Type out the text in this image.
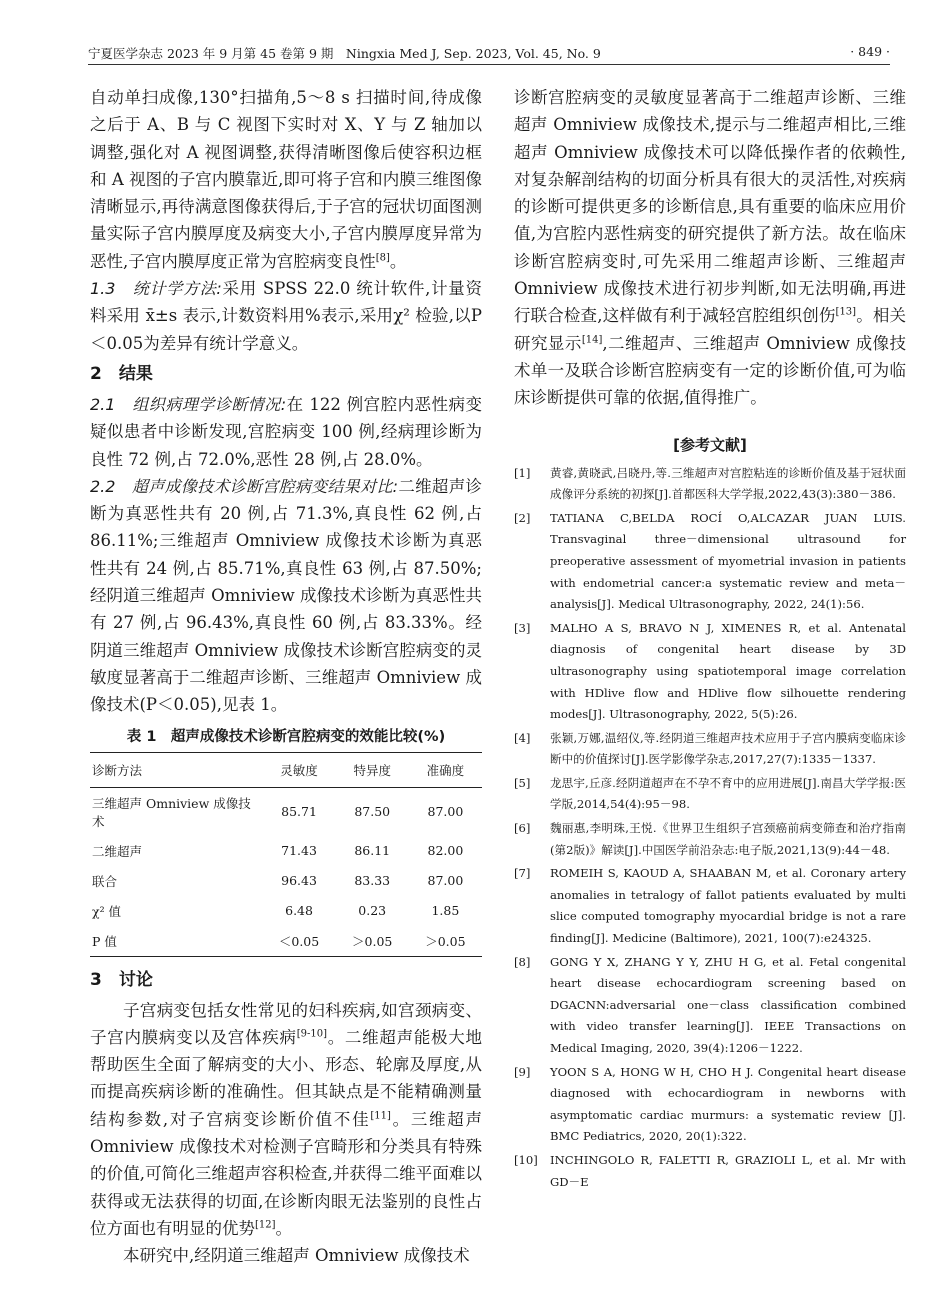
宁夏医学杂志 2023 年 9 月第 45 卷第 9 期　Ningxia Med J, Sep. 2023, Vol. 45, No. 9	· 849 ·

自动单扫成像,130°扫描角,5～8 s 扫描时间,待成像之后于 A、B 与 C 视图下实时对 X、Y 与 Z 轴加以调整,强化对 A 视图调整,获得清晰图像后使容积边框和 A 视图的子宫内膜靠近,即可将子宫和内膜三维图像清晰显示,再待满意图像获得后,于子宫的冠状切面图测量实际子宫内膜厚度及病变大小,子宫内膜厚度异常为恶性,子宫内膜厚度正常为宫腔病变良性[8]。

1.3　统计学方法:采用 SPSS 22.0 统计软件,计量资料采用 x̄±s 表示,计数资料用%表示,采用χ² 检验,以P＜0.05为差异有统计学意义。

2　结果

2.1　组织病理学诊断情况:在 122 例宫腔内恶性病变疑似患者中诊断发现,宫腔病变 100 例,经病理诊断为良性 72 例,占 72.0%,恶性 28 例,占 28.0%。

2.2　超声成像技术诊断宫腔病变结果对比:二维超声诊断为真恶性共有 20 例,占 71.3%,真良性 62 例,占 86.11%;三维超声 Omniview 成像技术诊断为真恶性共有 24 例,占 85.71%,真良性 63 例,占 87.50%;经阴道三维超声 Omniview 成像技术诊断为真恶性共有 27 例,占 96.43%,真良性 60 例,占 83.33%。经阴道三维超声 Omniview 成像技术诊断宫腔病变的灵敏度显著高于二维超声诊断、三维超声 Omniview 成像技术(P＜0.05),见表 1。

表 1　超声成像技术诊断宫腔病变的效能比较(%)
诊断方法	灵敏度	特异度	准确度
三维超声 Omniview 成像技术	85.71	87.50	87.00
二维超声	71.43	86.11	82.00
联合	96.43	83.33	87.00
χ² 值	6.48	0.23	1.85
P 值	＜0.05	＞0.05	＞0.05
3　讨论

子宫病变包括女性常见的妇科疾病,如宫颈病变、子宫内膜病变以及宫体疾病[9-10]。二维超声能极大地帮助医生全面了解病变的大小、形态、轮廓及厚度,从而提高疾病诊断的准确性。但其缺点是不能精确测量结构参数,对子宫病变诊断价值不佳[11]。三维超声 Omniview 成像技术对检测子宫畸形和分类具有特殊的价值,可简化三维超声容积检查,并获得二维平面难以获得或无法获得的切面,在诊断肉眼无法鉴别的良性占位方面也有明显的优势[12]。

本研究中,经阴道三维超声 Omniview 成像技术

诊断宫腔病变的灵敏度显著高于二维超声诊断、三维超声 Omniview 成像技术,提示与二维超声相比,三维超声 Omniview 成像技术可以降低操作者的依赖性,对复杂解剖结构的切面分析具有很大的灵活性,对疾病的诊断可提供更多的诊断信息,具有重要的临床应用价值,为宫腔内恶性病变的研究提供了新方法。故在临床诊断宫腔病变时,可先采用二维超声诊断、三维超声 Omniview 成像技术进行初步判断,如无法明确,再进行联合检查,这样做有利于减轻宫腔组织创伤[13]。相关研究显示[14],二维超声、三维超声 Omniview 成像技术单一及联合诊断宫腔病变有一定的诊断价值,可为临床诊断提供可靠的依据,值得推广。

[参考文献]
[1] 黄睿,黄晓武,吕晓丹,等.三维超声对宫腔粘连的诊断价值及基于冠状面成像评分系统的初探[J].首都医科大学学报,2022,43(3):380－386.
[2] TATIANA C,BELDA ROCÍ O,ALCAZAR JUAN LUIS. Transvaginal three－dimensional ultrasound for preoperative assessment of myometrial invasion in patients with endometrial cancer:a systematic review and meta－analysis[J]. Medical Ultrasonography, 2022, 24(1):56.
[3] MALHO A S, BRAVO N J, XIMENES R, et al. Antenatal diagnosis of congenital heart disease by 3D ultrasonography using spatiotemporal image correlation with HDlive flow and HDlive flow silhouette rendering modes[J]. Ultrasonography, 2022, 5(5):26.
[4] 张颖,万娜,温绍仪,等.经阴道三维超声技术应用于子宫内膜病变临床诊断中的价值探讨[J].医学影像学杂志,2017,27(7):1335－1337.
[5] 龙思宇,丘彦.经阴道超声在不孕不育中的应用进展[J].南昌大学学报:医学版,2014,54(4):95－98.
[6] 魏丽惠,李明珠,王悦.《世界卫生组织子宫颈癌前病变筛查和治疗指南(第2版)》解读[J].中国医学前沿杂志:电子版,2021,13(9):44－48.
[7] ROMEIH S, KAOUD A, SHAABAN M, et al. Coronary artery anomalies in tetralogy of fallot patients evaluated by multi slice computed tomography myocardial bridge is not a rare finding[J]. Medicine (Baltimore), 2021, 100(7):e24325.
[8] GONG Y X, ZHANG Y Y, ZHU H G, et al. Fetal congenital heart disease echocardiogram screening based on DGACNN:adversarial one－class classification combined with video transfer learning[J]. IEEE Transactions on Medical Imaging, 2020, 39(4):1206－1222.
[9] YOON S A, HONG W H, CHO H J. Congenital heart disease diagnosed with echocardiogram in newborns with asymptomatic cardiac murmurs: a systematic review [J]. BMC Pediatrics, 2020, 20(1):322.
[10] INCHINGOLO R, FALETTI R, GRAZIOLI L, et al. Mr with GD－E
